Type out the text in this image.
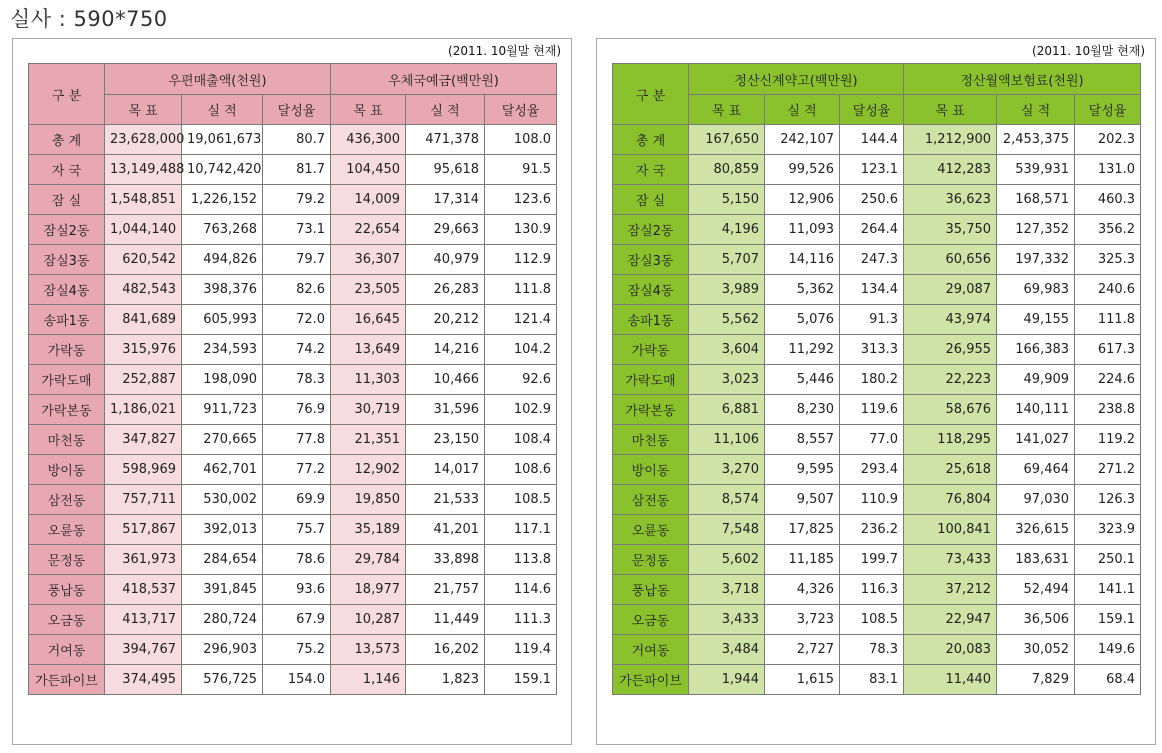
실사 : 590*750
(2011. 10월말 현재)
구 분	우편매출액(천원)			우체국예금(백만원)		
	목 표	실 적	달성율	목 표	실 적	달성율
총 계	23,628,000	19,061,673	80.7	436,300	471,378	108.0
자 국	13,149,488	10,742,420	81.7	104,450	95,618	91.5
잠 실	1,548,851	1,226,152	79.2	14,009	17,314	123.6
잠실2동	1,044,140	763,268	73.1	22,654	29,663	130.9
잠실3동	620,542	494,826	79.7	36,307	40,979	112.9
잠실4동	482,543	398,376	82.6	23,505	26,283	111.8
송파1동	841,689	605,993	72.0	16,645	20,212	121.4
가락동	315,976	234,593	74.2	13,649	14,216	104.2
가락도매	252,887	198,090	78.3	11,303	10,466	92.6
가락본동	1,186,021	911,723	76.9	30,719	31,596	102.9
마천동	347,827	270,665	77.8	21,351	23,150	108.4
방이동	598,969	462,701	77.2	12,902	14,017	108.6
삼전동	757,711	530,002	69.9	19,850	21,533	108.5
오륜동	517,867	392,013	75.7	35,189	41,201	117.1
문정동	361,973	284,654	78.6	29,784	33,898	113.8
풍납동	418,537	391,845	93.6	18,977	21,757	114.6
오금동	413,717	280,724	67.9	10,287	11,449	111.3
거여동	394,767	296,903	75.2	13,573	16,202	119.4
가든파이브	374,495	576,725	154.0	1,146	1,823	159.1
(2011. 10월말 현재)
구 분	정산신계약고(백만원)			정산월액보험료(천원)		
	목 표	실 적	달성율	목 표	실 적	달성율
총 계	167,650	242,107	144.4	1,212,900	2,453,375	202.3
자 국	80,859	99,526	123.1	412,283	539,931	131.0
잠 실	5,150	12,906	250.6	36,623	168,571	460.3
잠실2동	4,196	11,093	264.4	35,750	127,352	356.2
잠실3동	5,707	14,116	247.3	60,656	197,332	325.3
잠실4동	3,989	5,362	134.4	29,087	69,983	240.6
송파1동	5,562	5,076	91.3	43,974	49,155	111.8
가락동	3,604	11,292	313.3	26,955	166,383	617.3
가락도매	3,023	5,446	180.2	22,223	49,909	224.6
가락본동	6,881	8,230	119.6	58,676	140,111	238.8
마천동	11,106	8,557	77.0	118,295	141,027	119.2
방이동	3,270	9,595	293.4	25,618	69,464	271.2
삼전동	8,574	9,507	110.9	76,804	97,030	126.3
오륜동	7,548	17,825	236.2	100,841	326,615	323.9
문정동	5,602	11,185	199.7	73,433	183,631	250.1
풍납동	3,718	4,326	116.3	37,212	52,494	141.1
오금동	3,433	3,723	108.5	22,947	36,506	159.1
거여동	3,484	2,727	78.3	20,083	30,052	149.6
가든파이브	1,944	1,615	83.1	11,440	7,829	68.4
